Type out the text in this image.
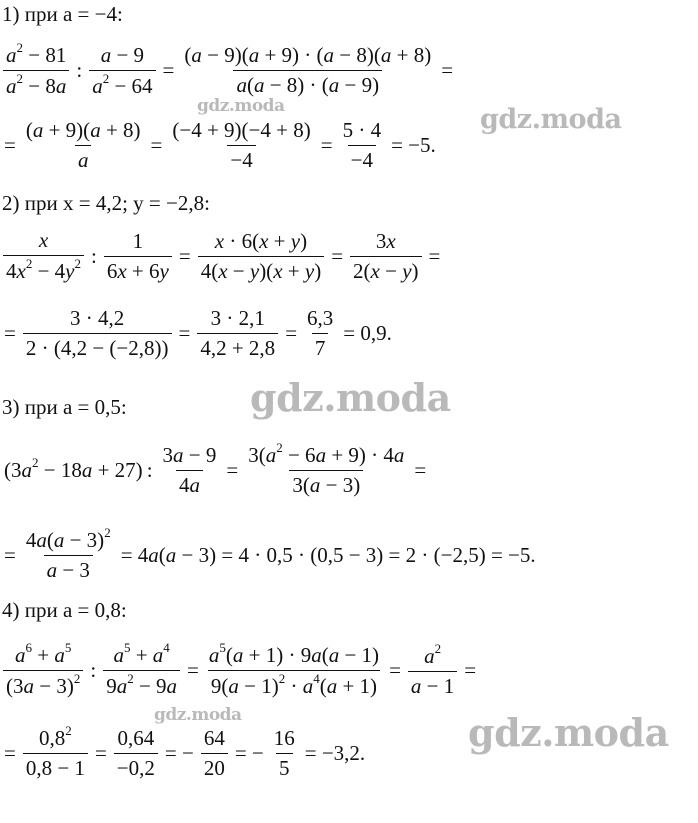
1) при a = −4:
$\frac{a^2 - 81}{a^2 - 8a}$ : $\frac{a - 9}{a^2 - 64} = \frac{(a - 9)(a + 9) \cdot (a - 8)(a + 8)}{a(a - 8) \cdot (a - 9)}$ =
= $\frac{(a + 9)(a + 8)}{a} = \frac{(-4 + 9)(-4 + 8)}{-4} = \frac{5 \cdot 4}{-4} = -5$.
2) при x = 4,2; y = −2,8:
$\frac{x}{4x^2 - 4y^2}$ : $\frac{1}{6x + 6y} = \frac{x \cdot 6(x + y)}{4(x - y)(x + y)} = \frac{3x}{2(x - y)}$ =
= $\frac{3 \cdot 4,2}{2 \cdot (4,2 - (-2,8))} = \frac{3 \cdot 2,1}{4,2 + 2,8} = \frac{6,3}{7} = 0,9$.
3) при a = 0,5:
$(3a^2 - 18a + 27)$ : $\frac{3a - 9}{4a} = \frac{3(a^2 - 6a + 9) \cdot 4a}{3(a - 3)}$ =
= $\frac{4a(a - 3)^2}{a - 3} = 4a(a - 3) = 4 \cdot 0,5 \cdot (0,5 - 3) = 2 \cdot (-2,5) = -5$.
4) при a = 0,8:
$\frac{a^6 + a^5}{(3a - 3)^2}$ : $\frac{a^5 + a^4}{9a^2 - 9a} = \frac{a^5(a + 1) \cdot 9a(a - 1)}{9(a - 1)^2 \cdot a^4(a + 1)} = \frac{a^2}{a - 1}$ =
= $\frac{0,8^2}{0,8 - 1} = \frac{0,64}{-0,2}$ = − $\frac{64}{20}$ = − $\frac{16}{5} = -3,2$.
gdz.moda	gdz.moda
gdz.moda
gdz.moda	gdz.moda
